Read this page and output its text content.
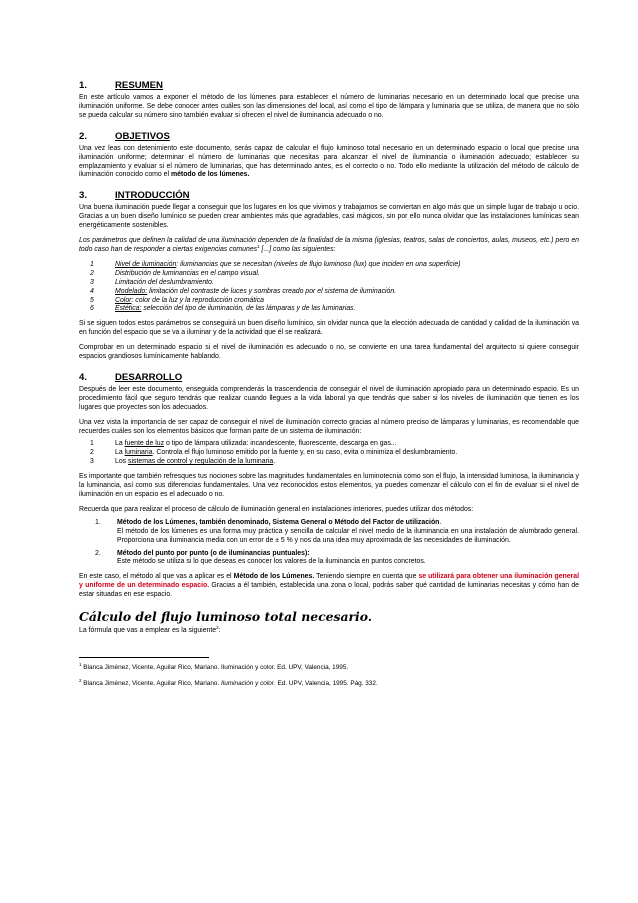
1.	RESUMEN

En este artículo vamos a exponer el método de los lúmenes para establecer el número de luminarias necesario en un determinado local que precise una iluminación uniforme. Se debe conocer antes cuáles son las dimensiones del local, así como el tipo de lámpara y luminaria que se utiliza, de manera que no sólo se pueda calcular su número sino también evaluar si ofrecen el nivel de iluminancia adecuado o no.

2.	OBJETIVOS

Una vez leas con detenimiento este documento, serás capaz de calcular el flujo luminoso total necesario en un determinado espacio o local que precise una iluminación uniforme; determinar el número de luminarias que necesitas para alcanzar el nivel de iluminancia o iluminación adecuado; establecer su emplazamiento y evaluar si el número de luminarias, que has determinado antes, es el correcto o no. Todo ello mediante la utilización del método de cálculo de iluminación conocido como el método de los lúmenes.

3.	INTRODUCCIÓN

Una buena iluminación puede llegar a conseguir que los lugares en los que vivimos y trabajamos se conviertan en algo más que un simple lugar de trabajo u ocio. Gracias a un buen diseño lumínico se pueden crear ambientes más que agradables, casi mágicos, sin por ello nunca olvidar que las instalaciones lumínicas sean energéticamente sostenibles.

Los parámetros que definen la calidad de una iluminación dependen de la finalidad de la misma (iglesias, teatros, salas de conciertos, aulas, museos, etc.) pero en todo caso han de responder a ciertas exigencias comunes$^1$ [...] como las siguientes:

1	Nivel de iluminación: iluminancias que se necesitan (niveles de flujo luminoso (lux) que inciden en una superficie)
2	Distribución de luminancias en el campo visual.
3	Limitación del deslumbramiento.
4	Modelado: limitación del contraste de luces y sombras creado por el sistema de iluminación.
5	Color: color de la luz y la reproducción cromática
6	Estética: selección del tipo de iluminación, de las lámparas y de las luminarias.

Si se siguen todos estos parámetros se conseguirá un buen diseño lumínico, sin olvidar nunca que la elección adecuada de cantidad y calidad de la iluminación va en función del espacio que se va a iluminar y de la actividad que él se realizará.

Comprobar en un determinado espacio si el nivel de iluminación es adecuado o no, se convierte en una tarea fundamental del arquitecto si quiere conseguir espacios grandiosos lumínicamente hablando.

4.	DESARROLLO

Después de leer este documento, enseguida comprenderás la trascendencia de conseguir el nivel de iluminación apropiado para un determinado espacio. Es un procedimiento fácil que seguro tendrás que realizar cuando llegues a la vida laboral ya que tendrás que saber si los niveles de iluminación que tienen es los lugares que proyectes son los adecuados.

Una vez vista la importancia de ser capaz de conseguir el nivel de iluminación correcto gracias al número preciso de lámparas y luminarias, es recomendable que recuerdes cuáles son los elementos básicos que forman parte de un sistema de iluminación:

1	La fuente de luz o tipo de lámpara utilizada: incandescente, fluorescente, descarga en gas...
2	La luminaria. Controla el flujo luminoso emitido por la fuente y, en su caso, evita o minimiza el deslumbramiento.
3	Los sistemas de control y regulación de la luminaria.

Es importante que también refresques tus nociones sobre las magnitudes fundamentales en luminotecnia como son el flujo, la intensidad luminosa, la iluminancia y la luminancia, así como sus diferencias fundamentales. Una vez reconocidos estos elementos, ya puedes comenzar el cálculo con el fin de evaluar si el nivel de iluminación en un espacio es el adecuado o no.

Recuerda que para realizar el proceso de cálculo de iluminación general en instalaciones interiores, puedes utilizar dos métodos:

1.	Método de los Lúmenes, también denominado, Sistema General o Método del Factor de utilización.
El método de los lúmenes es una forma muy práctica y sencilla de calcular el nivel medio de la iluminancia en una instalación de alumbrado general. Proporciona una iluminancia media con un error de ± 5 % y nos da una idea muy aproximada de las necesidades de iluminación.
2.	Método del punto por punto (o de iluminancias puntuales):
Este método se utiliza si lo que deseas es conocer los valores de la iluminancia en puntos concretos.

En este caso, el método al que vas a aplicar es el Método de los Lúmenes. Teniendo siempre en cuenta que se utilizará para obtener una iluminación general y uniforme de un determinado espacio. Gracias a él también, establecida una zona o local, podrás saber qué cantidad de luminarias necesitas y cómo han de estar situadas en ese espacio.

Cálculo del flujo luminoso total necesario.

La fórmula que vas a emplear es la siguiente$^2$:

$^1$ Blanca Jiménez, Vicente, Aguilar Rico, Mariano. Iluminación y color. Ed. UPV, Valencia, 1995.
$^2$ Blanca Jiménez, Vicente, Aguilar Rico, Mariano. Iluminación y color. Ed. UPV, Valencia, 1995. Pág. 332.
